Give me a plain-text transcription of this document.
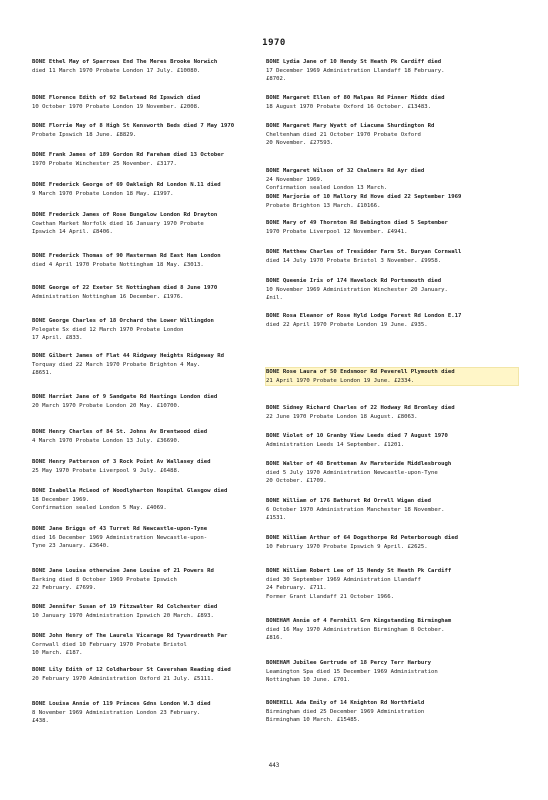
1970
BONE Ethel May of Sparrows End The Meres Brooke Norwich
died 11 March 1970 Probate London 17 July. £10080.
BONE Florence Edith of 92 Belstead Rd Ipswich died
10 October 1970 Probate London 19 November. £2008.
BONE Florrie May of 8 High St Kensworth Beds died 7 May 1970
Probate Ipswich 18 June. £8829.
BONE Frank James of 189 Gordon Rd Fareham died 13 October
1970 Probate Winchester 25 November. £3177.
BONE Frederick George of 69 Oakleigh Rd London N.11 died
9 March 1970 Probate London 18 May. £1997.
BONE Frederick James of Rose Bungalow London Rd Drayton
Cowthan Market Norfolk died 16 January 1970 Probate
Ipswich 14 April. £8406.
BONE Frederick Thomas of 90 Masterman Rd East Ham London
died 4 April 1970 Probate Nottingham 18 May. £3013.
BONE George of 22 Exeter St Nottingham died 8 June 1970
Administration Nottingham 16 December. £1976.
BONE George Charles of 18 Orchard the Lower Willingdon
Polegate Sx died 12 March 1970 Probate London
17 April. £833.
BONE Gilbert James of Flat 44 Ridgway Heights Ridgeway Rd
Torquay died 22 March 1970 Probate Brighton 4 May.
£8651.
BONE Harriet Jane of 9 Sandgate Rd Hastings London died
20 March 1970 Probate London 20 May. £10700.
BONE Henry Charles of 84 St. Johns Av Brentwood died
4 March 1970 Probate London 13 July. £36690.
BONE Henry Patterson of 3 Rock Point Av Wallasey died
25 May 1970 Probate Liverpool 9 July. £6488.
BONE Isabella McLeod of Woodlyharton Hospital Glasgow died
18 December 1969.
Confirmation sealed London 5 May. £4069.
BONE Jane Briggs of 43 Turret Rd Newcastle-upon-Tyne
died 16 December 1969 Administration Newcastle-upon-
Tyne 23 January. £3640.
BONE Jane Louisa otherwise Jane Louise of 21 Powers Rd
Barking died 8 October 1969 Probate Ipswich
22 February. £7699.
BONE Jennifer Susan of 19 Fitzwalter Rd Colchester died
10 January 1970 Administration Ipswich 20 March. £893.
BONE John Henry of The Laurels Vicarage Rd Tywardreath Par
Cornwall died 10 February 1970 Probate Bristol
10 March. £187.
BONE Lily Edith of 12 Coldharbour St Caversham Reading died
20 February 1970 Administration Oxford 21 July. £5111.
BONE Louisa Annie of 119 Princes Gdns London W.3 died
8 November 1969 Administration London 23 February.
£438.
BONE Lydia Jane of 10 Hendy St Heath Pk Cardiff died
17 December 1969 Administration Llandaff 18 February.
£8702.
BONE Margaret Ellen of 80 Malpas Rd Pinner Middx died
18 August 1970 Probate Oxford 16 October. £13483.
BONE Margaret Mary Wyatt of Liacuma Shurdington Rd
Cheltenham died 21 October 1970 Probate Oxford
20 November. £27593.
BONE Margaret Wilson of 32 Chalmers Rd Ayr died
24 November 1969.
Confirmation sealed London 13 March.
BONE Marjorie of 10 Mallory Rd Hove died 22 September 1969
Probate Brighton 13 March. £10166.
BONE Mary of 49 Thornton Rd Bebington died 5 September
1970 Probate Liverpool 12 November. £4941.
BONE Matthew Charles of Tresidder Farm St. Buryan Cornwall
died 14 July 1970 Probate Bristol 3 November. £9958.
BONE Queenie Iris of 174 Havelock Rd Portsmouth died
10 November 1969 Administration Winchester 20 January.
£nil.
BONE Rosa Eleanor of Rose Hyld Lodge Forest Rd London E.17
died 22 April 1970 Probate London 19 June. £935.
BONE Rose Laura of 50 Endsmoor Rd Peverell Plymouth died
21 April 1970 Probate London 19 June. £2334.
BONE Sidney Richard Charles of 22 Hodway Rd Bromley died
22 June 1970 Probate London 18 August. £8063.
BONE Violet of 10 Granby View Leeds died 7 August 1970
Administration Leeds 14 September. £1201.
BONE Walter of 48 Bretteman Av Marsteride Middlesbrough
died 5 July 1970 Administration Newcastle-upon-Tyne
20 October. £1709.
BONE William of 176 Bathurst Rd Orrell Wigan died
6 October 1970 Administration Manchester 18 November.
£1531.
BONE William Arthur of 64 Dogsthorpe Rd Peterborough died
10 February 1970 Probate Ipswich 9 April. £2625.
BONE William Robert Lee of 15 Hendy St Heath Pk Cardiff
died 30 September 1969 Administration Llandaff
24 February. £711.
Former Grant Llandaff 21 October 1966.
BONEHAM Annie of 4 Fernhill Grn Kingstanding Birmingham
died 16 May 1970 Administration Birmingham 8 October.
£816.
BONEHAM Jubilee Gertrude of 18 Percy Terr Harbury
Leamington Spa died 15 December 1969 Administration
Nottingham 10 June. £701.
BONEHILL Ada Emily of 14 Knighton Rd Northfield
Birmingham died 25 December 1969 Administration
Birmingham 10 March. £15485.
443
